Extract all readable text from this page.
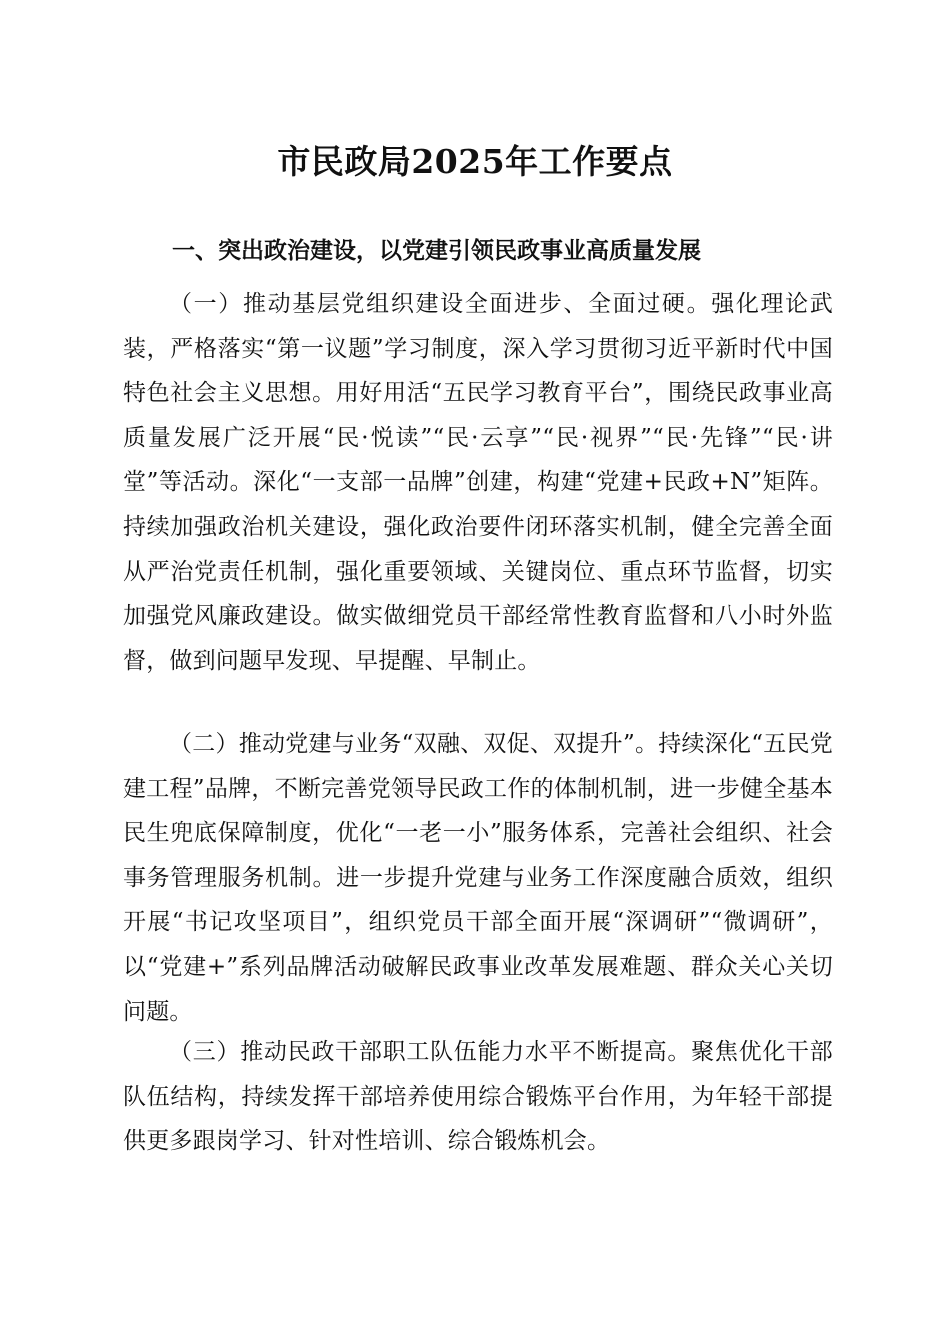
市民政局2025年工作要点
一、突出政治建设，以党建引领民政事业高质量发展

（一）推动基层党组织建设全面进步、全面过硬。强化理论武装，严格落实“第一议题”学习制度，深入学习贯彻习近平新时代中国特色社会主义思想。用好用活“五民学习教育平台”，围绕民政事业高质量发展广泛开展“民·悦读”“民·云享”“民·视界”“民·先锋”“民·讲堂”等活动。深化“一支部一品牌”创建，构建“党建+民政+N”矩阵。持续加强政治机关建设，强化政治要件闭环落实机制，健全完善全面从严治党责任机制，强化重要领域、关键岗位、重点环节监督，切实加强党风廉政建设。做实做细党员干部经常性教育监督和八小时外监督，做到问题早发现、早提醒、早制止。

（二）推动党建与业务“双融、双促、双提升”。持续深化“五民党建工程”品牌，不断完善党领导民政工作的体制机制，进一步健全基本民生兜底保障制度，优化“一老一小”服务体系，完善社会组织、社会事务管理服务机制。进一步提升党建与业务工作深度融合质效，组织开展“书记攻坚项目”，组织党员干部全面开展“深调研”“微调研”，以“党建+”系列品牌活动破解民政事业改革发展难题、群众关心关切问题。

（三）推动民政干部职工队伍能力水平不断提高。聚焦优化干部队伍结构，持续发挥干部培养使用综合锻炼平台作用，为年轻干部提供更多跟岗学习、针对性培训、综合锻炼机会。
